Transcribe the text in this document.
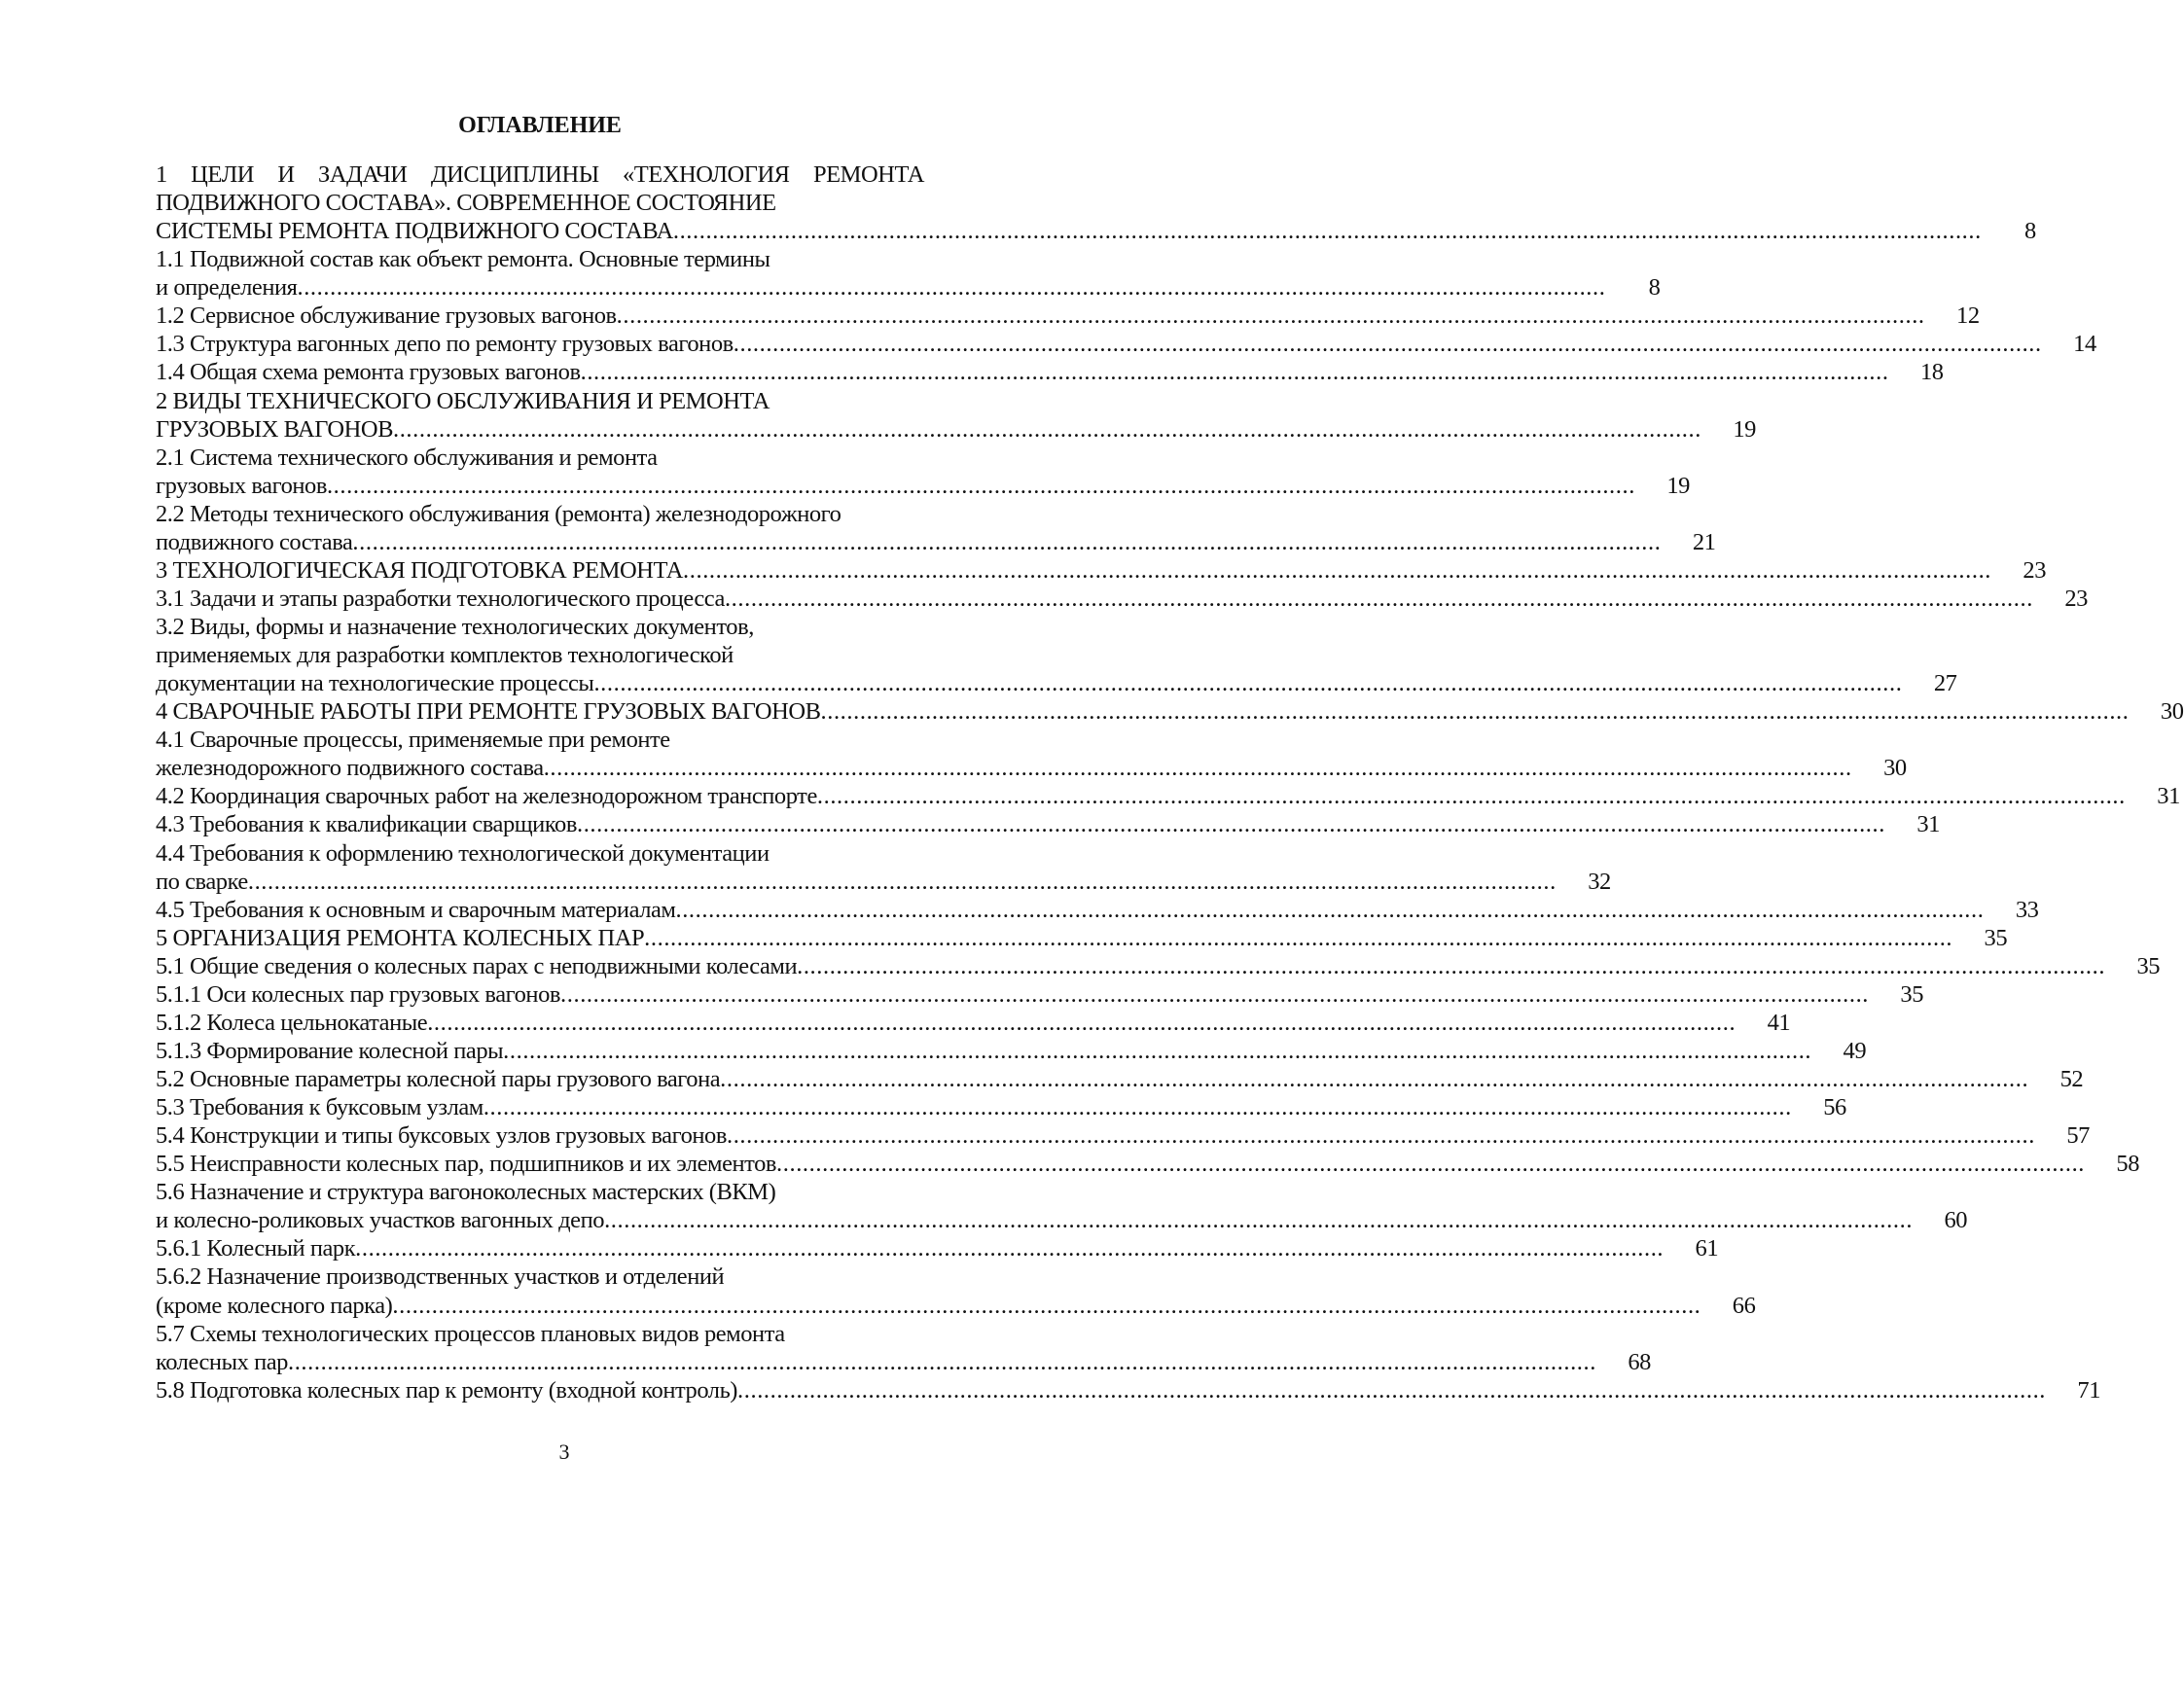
ОГЛАВЛЕНИЕ
1 ЦЕЛИ И ЗАДАЧИ ДИСЦИПЛИНЫ «ТЕХНОЛОГИЯ РЕМОНТА
ПОДВИЖНОГО СОСТАВА». СОВРЕМЕННОЕ СОСТОЯНИЕ
СИСТЕМЫ РЕМОНТА ПОДВИЖНОГО СОСТАВА ........................................................................................................................................................................................................	8
1.1 Подвижной состав как объект ремонта. Основные термины
и определения ........................................................................................................................................................................................................	8
1.2 Сервисное обслуживание грузовых вагонов ........................................................................................................................................................................................................	12
1.3 Структура вагонных депо по ремонту грузовых вагонов ........................................................................................................................................................................................................	14
1.4 Общая схема ремонта грузовых вагонов ........................................................................................................................................................................................................	18
2 ВИДЫ ТЕХНИЧЕСКОГО ОБСЛУЖИВАНИЯ И РЕМОНТА
ГРУЗОВЫХ ВАГОНОВ ........................................................................................................................................................................................................	19
2.1 Система технического обслуживания и ремонта
грузовых вагонов ........................................................................................................................................................................................................	19
2.2 Методы технического обслуживания (ремонта) железнодорожного
подвижного состава ........................................................................................................................................................................................................	21
3 ТЕХНОЛОГИЧЕСКАЯ ПОДГОТОВКА РЕМОНТА ........................................................................................................................................................................................................	23
3.1 Задачи и этапы разработки технологического процесса ........................................................................................................................................................................................................	23
3.2 Виды, формы и назначение технологических документов,
применяемых для разработки комплектов технологической
документации на технологические процессы ........................................................................................................................................................................................................	27
4 СВАРОЧНЫЕ РАБОТЫ ПРИ РЕМОНТЕ ГРУЗОВЫХ ВАГОНОВ ........................................................................................................................................................................................................	30
4.1 Сварочные процессы, применяемые при ремонте
железнодорожного подвижного состава ........................................................................................................................................................................................................	30
4.2 Координация сварочных работ на железнодорожном транспорте ........................................................................................................................................................................................................	31
4.3 Требования к квалификации сварщиков ........................................................................................................................................................................................................	31
4.4 Требования к оформлению технологической документации
по сварке ........................................................................................................................................................................................................	32
4.5 Требования к основным и сварочным материалам ........................................................................................................................................................................................................	33
5 ОРГАНИЗАЦИЯ РЕМОНТА КОЛЕСНЫХ ПАР ........................................................................................................................................................................................................	35
5.1 Общие сведения о колесных парах с неподвижными колесами ........................................................................................................................................................................................................	35
5.1.1 Оси колесных пар грузовых вагонов ........................................................................................................................................................................................................	35
5.1.2 Колеса цельнокатаные ........................................................................................................................................................................................................	41
5.1.3 Формирование колесной пары ........................................................................................................................................................................................................	49
5.2 Основные параметры колесной пары грузового вагона ........................................................................................................................................................................................................	52
5.3 Требования к буксовым узлам ........................................................................................................................................................................................................	56
5.4 Конструкции и типы буксовых узлов грузовых вагонов ........................................................................................................................................................................................................	57
5.5 Неисправности колесных пар, подшипников и их элементов ........................................................................................................................................................................................................	58
5.6 Назначение и структура вагоноколесных мастерских (ВКМ)
и колесно-роликовых участков вагонных депо ........................................................................................................................................................................................................	60
5.6.1 Колесный парк ........................................................................................................................................................................................................	61
5.6.2 Назначение производственных участков и отделений
(кроме колесного парка) ........................................................................................................................................................................................................	66
5.7 Схемы технологических процессов плановых видов ремонта
колесных пар ........................................................................................................................................................................................................	68
5.8 Подготовка колесных пар к ремонту (входной контроль) ........................................................................................................................................................................................................	71
3
